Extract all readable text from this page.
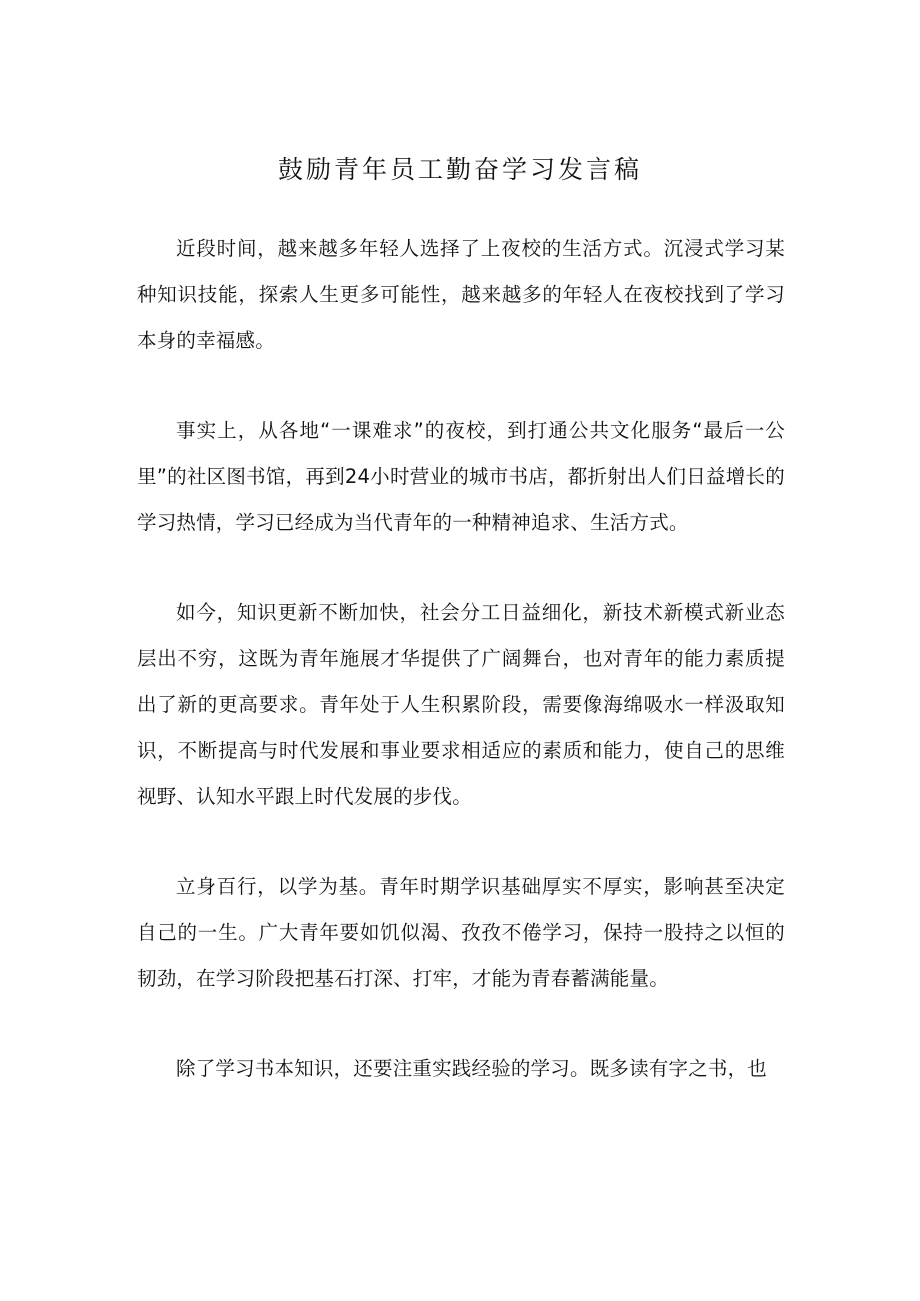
鼓励青年员工勤奋学习发言稿

近段时间，越来越多年轻人选择了上夜校的生活方式。沉浸式学习某种知识技能，探索人生更多可能性，越来越多的年轻人在夜校找到了学习本身的幸福感。

事实上，从各地“一课难求”的夜校，到打通公共文化服务“最后一公里”的社区图书馆，再到24小时营业的城市书店，都折射出人们日益增长的学习热情，学习已经成为当代青年的一种精神追求、生活方式。

如今，知识更新不断加快，社会分工日益细化，新技术新模式新业态层出不穷，这既为青年施展才华提供了广阔舞台，也对青年的能力素质提出了新的更高要求。青年处于人生积累阶段，需要像海绵吸水一样汲取知识，不断提高与时代发展和事业要求相适应的素质和能力，使自己的思维视野、认知水平跟上时代发展的步伐。

立身百行，以学为基。青年时期学识基础厚实不厚实，影响甚至决定自己的一生。广大青年要如饥似渴、孜孜不倦学习，保持一股持之以恒的韧劲，在学习阶段把基石打深、打牢，才能为青春蓄满能量。

除了学习书本知识，还要注重实践经验的学习。既多读有字之书，也
